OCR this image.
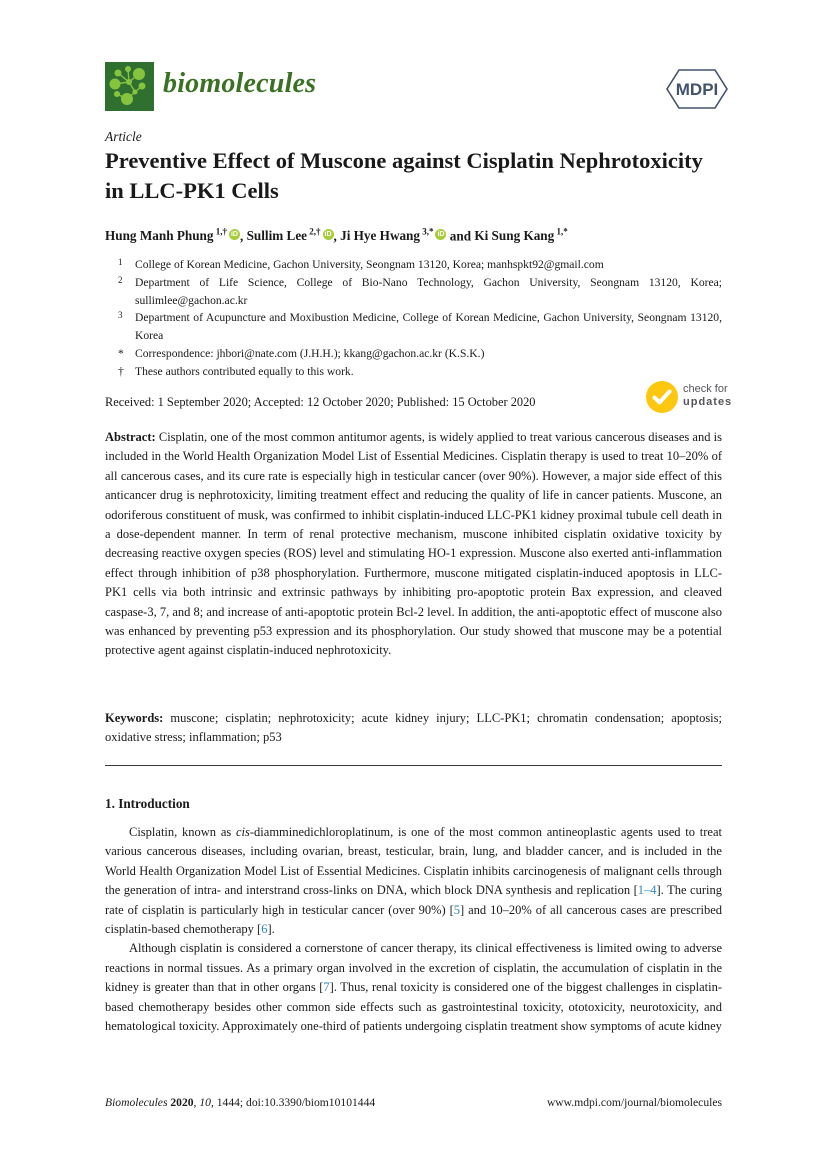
biomolecules	MDPI
Article
Preventive Effect of Muscone against Cisplatin Nephrotoxicity in LLC-PK1 Cells
Hung Manh Phung $^{1,\dagger}$ iD , Sullim Lee $^{2,\dagger}$ iD , Ji Hye Hwang $^{3,*}$ iD and Ki Sung Kang $^{1,*}$
1 College of Korean Medicine, Gachon University, Seongnam 13120, Korea; manhspkt92@gmail.com
2 Department of Life Science, College of Bio-Nano Technology, Gachon University, Seongnam 13120, Korea; sullimlee@gachon.ac.kr
3 Department of Acupuncture and Moxibustion Medicine, College of Korean Medicine, Gachon University, Seongnam 13120, Korea
* Correspondence: jhbori@nate.com (J.H.H.); kkang@gachon.ac.kr (K.S.K.)
† These authors contributed equally to this work.
Received: 1 September 2020; Accepted: 12 October 2020; Published: 15 October 2020
check for
updates

Abstract: Cisplatin, one of the most common antitumor agents, is widely applied to treat various cancerous diseases and is included in the World Health Organization Model List of Essential Medicines. Cisplatin therapy is used to treat 10–20% of all cancerous cases, and its cure rate is especially high in testicular cancer (over 90%). However, a major side effect of this anticancer drug is nephrotoxicity, limiting treatment effect and reducing the quality of life in cancer patients. Muscone, an odoriferous constituent of musk, was confirmed to inhibit cisplatin-induced LLC-PK1 kidney proximal tubule cell death in a dose-dependent manner. In term of renal protective mechanism, muscone inhibited cisplatin oxidative toxicity by decreasing reactive oxygen species (ROS) level and stimulating HO-1 expression. Muscone also exerted anti-inflammation effect through inhibition of p38 phosphorylation. Furthermore, muscone mitigated cisplatin-induced apoptosis in LLC-PK1 cells via both intrinsic and extrinsic pathways by inhibiting pro-apoptotic protein Bax expression, and cleaved caspase-3, 7, and 8; and increase of anti-apoptotic protein Bcl-2 level. In addition, the anti-apoptotic effect of muscone also was enhanced by preventing p53 expression and its phosphorylation. Our study showed that muscone may be a potential protective agent against cisplatin-induced nephrotoxicity.

Keywords: muscone; cisplatin; nephrotoxicity; acute kidney injury; LLC-PK1; chromatin condensation; apoptosis; oxidative stress; inflammation; p53

1. Introduction

Cisplatin, known as cis-diamminedichloroplatinum, is one of the most common antineoplastic agents used to treat various cancerous diseases, including ovarian, breast, testicular, brain, lung, and bladder cancer, and is included in the World Health Organization Model List of Essential Medicines. Cisplatin inhibits carcinogenesis of malignant cells through the generation of intra- and interstrand cross-links on DNA, which block DNA synthesis and replication [1–4]. The curing rate of cisplatin is particularly high in testicular cancer (over 90%) [5] and 10–20% of all cancerous cases are prescribed cisplatin-based chemotherapy [6].

Although cisplatin is considered a cornerstone of cancer therapy, its clinical effectiveness is limited owing to adverse reactions in normal tissues. As a primary organ involved in the excretion of cisplatin, the accumulation of cisplatin in the kidney is greater than that in other organs [7]. Thus, renal toxicity is considered one of the biggest challenges in cisplatin-based chemotherapy besides other common side effects such as gastrointestinal toxicity, ototoxicity, neurotoxicity, and hematological toxicity. Approximately one-third of patients undergoing cisplatin treatment show symptoms of acute kidney

Biomolecules 2020, 10, 1444; doi:10.3390/biom10101444	www.mdpi.com/journal/biomolecules
